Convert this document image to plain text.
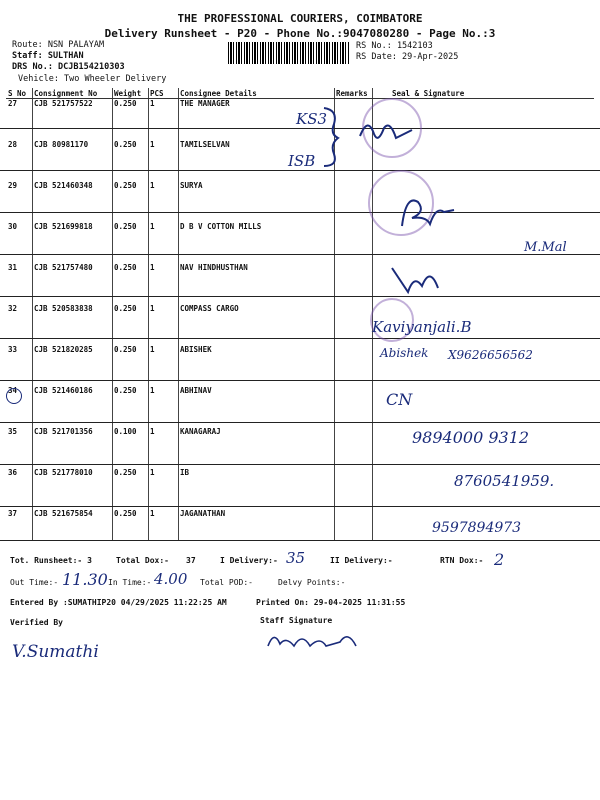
THE PROFESSIONAL COURIERS, COIMBATORE
Delivery Runsheet - P20 - Phone No.:9047080280 - Page No.:3
Route: NSN PALAYAM
Staff: SULTHAN
DRS No.: DCJB154210303
Vehicle: Two Wheeler Delivery
RS No.: 1542103
RS Date: 29-Apr-2025
S No	Consignment No	Weight	PCS	Consignee Details	Remarks	Seal & Signature
27	CJB 521757522	0.250	1	THE MANAGER		
28	CJB 80981170	0.250	1	TAMILSELVAN		
29	CJB 521460348	0.250	1	SURYA		
30	CJB 521699818	0.250	1	D B V COTTON MILLS		
31	CJB 521757480	0.250	1	NAV HINDHUSTHAN		
32	CJB 520583838	0.250	1	COMPASS CARGO		
33	CJB 521820285	0.250	1	ABISHEK		
34	CJB 521460186	0.250	1	ABHINAV		
35	CJB 521701356	0.100	1	KANAGARAJ		
36	CJB 521778010	0.250	1	IB		
37	CJB 521675854	0.250	1	JAGANATHAN		
KS3
ISB
M.Mal
Kaviyanjali.B
Abishek X9626656562
CN
9894000 9312
8760541959.
9597894973
Tot. Runsheet:- 3	Total Dox:- 37	I Delivery:- 35	II Delivery:-	RTN Dox:- 2
Out Time:- 11.30 In Time:- 4.00 Total POD:-	Delvy Points:-
Entered By :SUMATHIP20 04/29/2025 11:22:25 AM	Printed On: 29-04-2025 11:31:55
Verified By	Staff Signature
V.Sumathi
